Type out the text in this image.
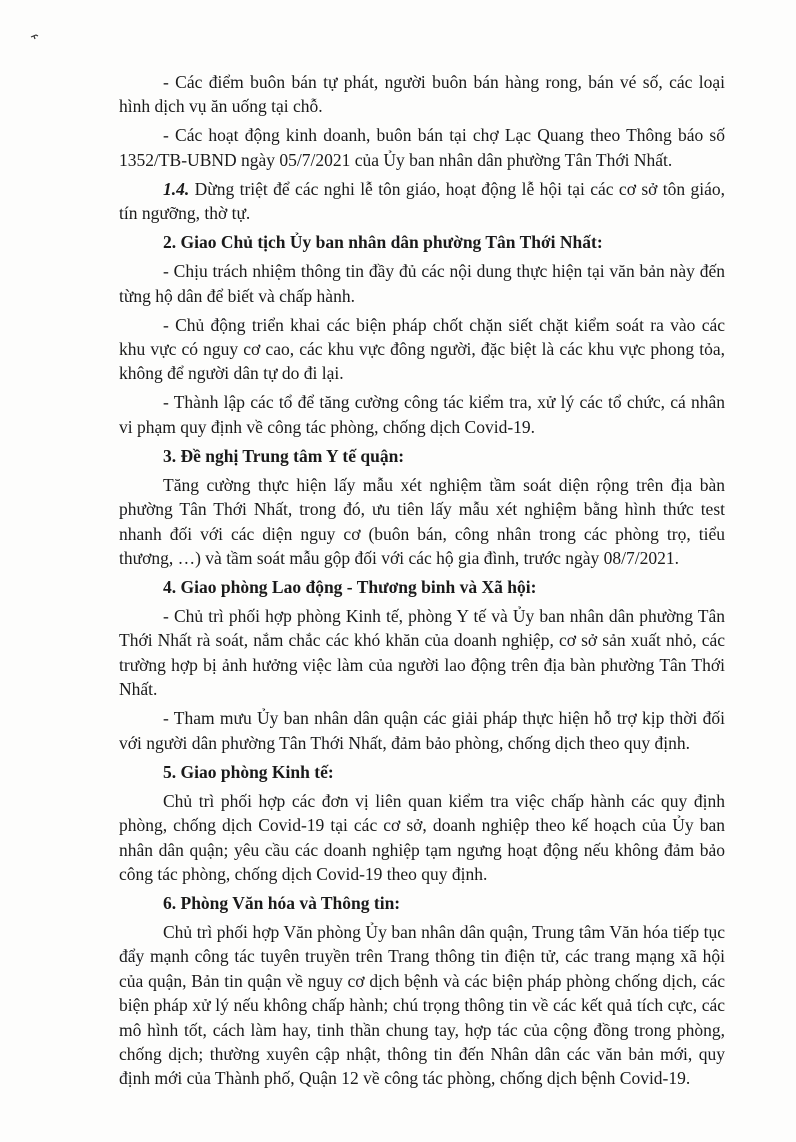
- Các điểm buôn bán tự phát, người buôn bán hàng rong, bán vé số, các loại hình dịch vụ ăn uống tại chỗ.

- Các hoạt động kinh doanh, buôn bán tại chợ Lạc Quang theo Thông báo số 1352/TB-UBND ngày 05/7/2021 của Ủy ban nhân dân phường Tân Thới Nhất.

1.4. Dừng triệt để các nghi lễ tôn giáo, hoạt động lễ hội tại các cơ sở tôn giáo, tín ngưỡng, thờ tự.

2. Giao Chủ tịch Ủy ban nhân dân phường Tân Thới Nhất:

- Chịu trách nhiệm thông tin đầy đủ các nội dung thực hiện tại văn bản này đến từng hộ dân để biết và chấp hành.

- Chủ động triển khai các biện pháp chốt chặn siết chặt kiểm soát ra vào các khu vực có nguy cơ cao, các khu vực đông người, đặc biệt là các khu vực phong tỏa, không để người dân tự do đi lại.

- Thành lập các tổ để tăng cường công tác kiểm tra, xử lý các tổ chức, cá nhân vi phạm quy định về công tác phòng, chống dịch Covid-19.

3. Đề nghị Trung tâm Y tế quận:

Tăng cường thực hiện lấy mẫu xét nghiệm tầm soát diện rộng trên địa bàn phường Tân Thới Nhất, trong đó, ưu tiên lấy mẫu xét nghiệm bằng hình thức test nhanh đối với các diện nguy cơ (buôn bán, công nhân trong các phòng trọ, tiểu thương, …) và tầm soát mẫu gộp đối với các hộ gia đình, trước ngày 08/7/2021.

4. Giao phòng Lao động - Thương binh và Xã hội:

- Chủ trì phối hợp phòng Kinh tế, phòng Y tế và Ủy ban nhân dân phường Tân Thới Nhất rà soát, nắm chắc các khó khăn của doanh nghiệp, cơ sở sản xuất nhỏ, các trường hợp bị ảnh hưởng việc làm của người lao động trên địa bàn phường Tân Thới Nhất.

- Tham mưu Ủy ban nhân dân quận các giải pháp thực hiện hỗ trợ kịp thời đối với người dân phường Tân Thới Nhất, đảm bảo phòng, chống dịch theo quy định.

5. Giao phòng Kinh tế:

Chủ trì phối hợp các đơn vị liên quan kiểm tra việc chấp hành các quy định phòng, chống dịch Covid-19 tại các cơ sở, doanh nghiệp theo kế hoạch của Ủy ban nhân dân quận; yêu cầu các doanh nghiệp tạm ngưng hoạt động nếu không đảm bảo công tác phòng, chống dịch Covid-19 theo quy định.

6. Phòng Văn hóa và Thông tin:

Chủ trì phối hợp Văn phòng Ủy ban nhân dân quận, Trung tâm Văn hóa tiếp tục đẩy mạnh công tác tuyên truyền trên Trang thông tin điện tử, các trang mạng xã hội của quận, Bản tin quận về nguy cơ dịch bệnh và các biện pháp phòng chống dịch, các biện pháp xử lý nếu không chấp hành; chú trọng thông tin về các kết quả tích cực, các mô hình tốt, cách làm hay, tinh thần chung tay, hợp tác của cộng đồng trong phòng, chống dịch; thường xuyên cập nhật, thông tin đến Nhân dân các văn bản mới, quy định mới của Thành phố, Quận 12 về công tác phòng, chống dịch bệnh Covid-19.
